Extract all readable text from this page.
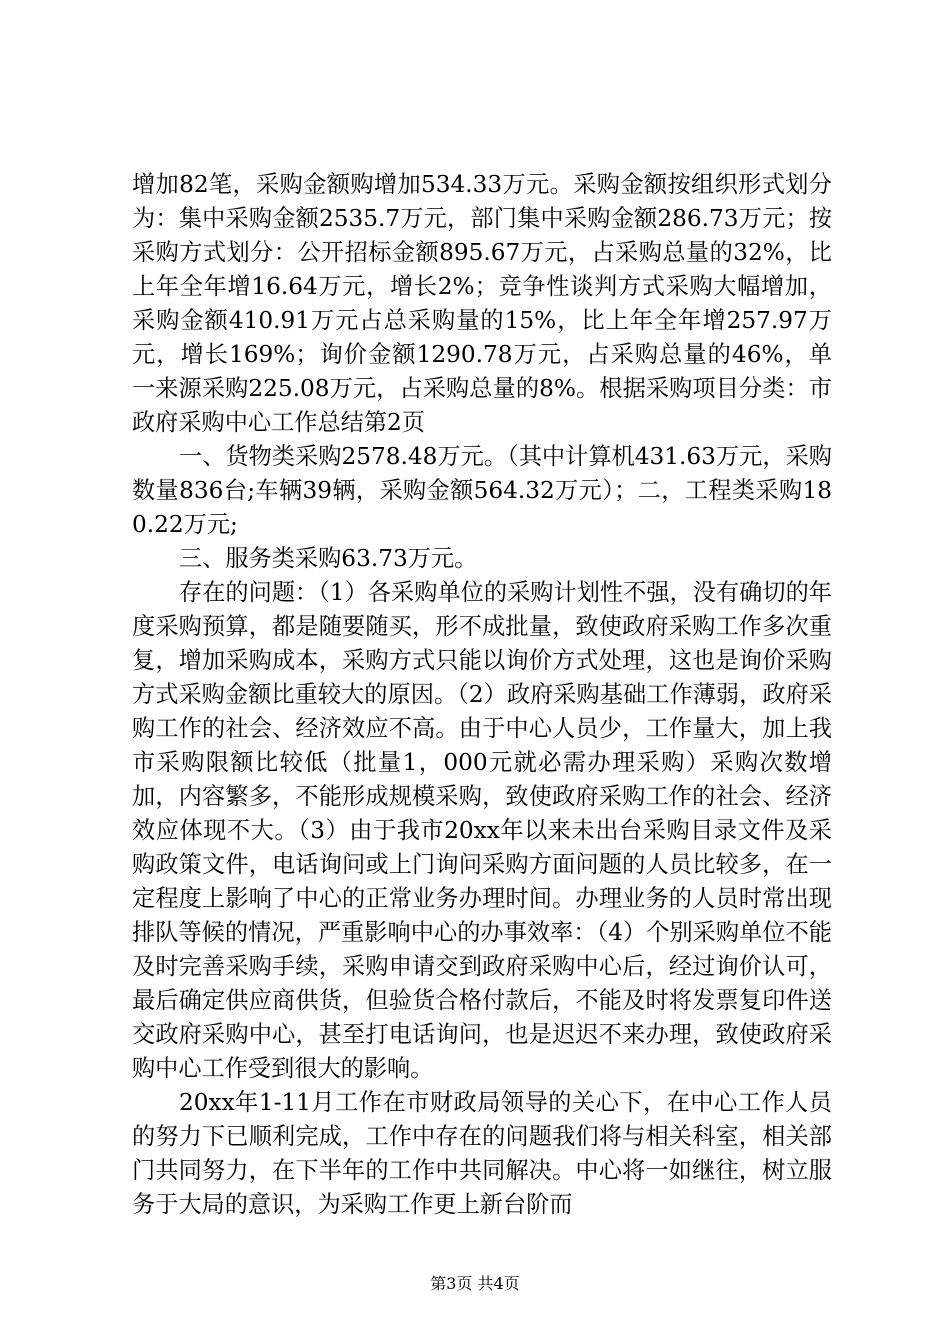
增加82笔，采购金额购增加534.33万元。采购金额按组织形式划分为：集中采购金额2535.7万元，部门集中采购金额286.73万元；按采购方式划分：公开招标金额895.67万元，占采购总量的32%，比上年全年增16.64万元，增长2%；竞争性谈判方式采购大幅增加，采购金额410.91万元占总采购量的15%，比上年全年增257.97万元，增长169%；询价金额1290.78万元，占采购总量的46%，单一来源采购225.08万元，占采购总量的8%。根据采购项目分类：市政府采购中心工作总结第2页

一、货物类采购2578.48万元。（其中计算机431.63万元，采购数量836台;车辆39辆，采购金额564.32万元）；二，工程类采购180.22万元;

三、服务类采购63.73万元。

存在的问题：（1）各采购单位的采购计划性不强，没有确切的年度采购预算，都是随要随买，形不成批量，致使政府采购工作多次重复，增加采购成本，采购方式只能以询价方式处理，这也是询价采购方式采购金额比重较大的原因。（2）政府采购基础工作薄弱，政府采购工作的社会、经济效应不高。由于中心人员少，工作量大，加上我市采购限额比较低（批量1，000元就必需办理采购）采购次数增加，内容繁多，不能形成规模采购，致使政府采购工作的社会、经济效应体现不大。（3）由于我市20xx年以来未出台采购目录文件及采购政策文件，电话询问或上门询问采购方面问题的人员比较多，在一定程度上影响了中心的正常业务办理时间。办理业务的人员时常出现排队等候的情况，严重影响中心的办事效率：（4）个别采购单位不能及时完善采购手续，采购申请交到政府采购中心后，经过询价认可，最后确定供应商供货，但验货合格付款后，不能及时将发票复印件送交政府采购中心，甚至打电话询问，也是迟迟不来办理，致使政府采购中心工作受到很大的影响。

20xx年1-11月工作在市财政局领导的关心下，在中心工作人员的努力下已顺利完成，工作中存在的问题我们将与相关科室，相关部门共同努力，在下半年的工作中共同解决。中心将一如继往，树立服务于大局的意识，为采购工作更上新台阶而

第3页 共4页
